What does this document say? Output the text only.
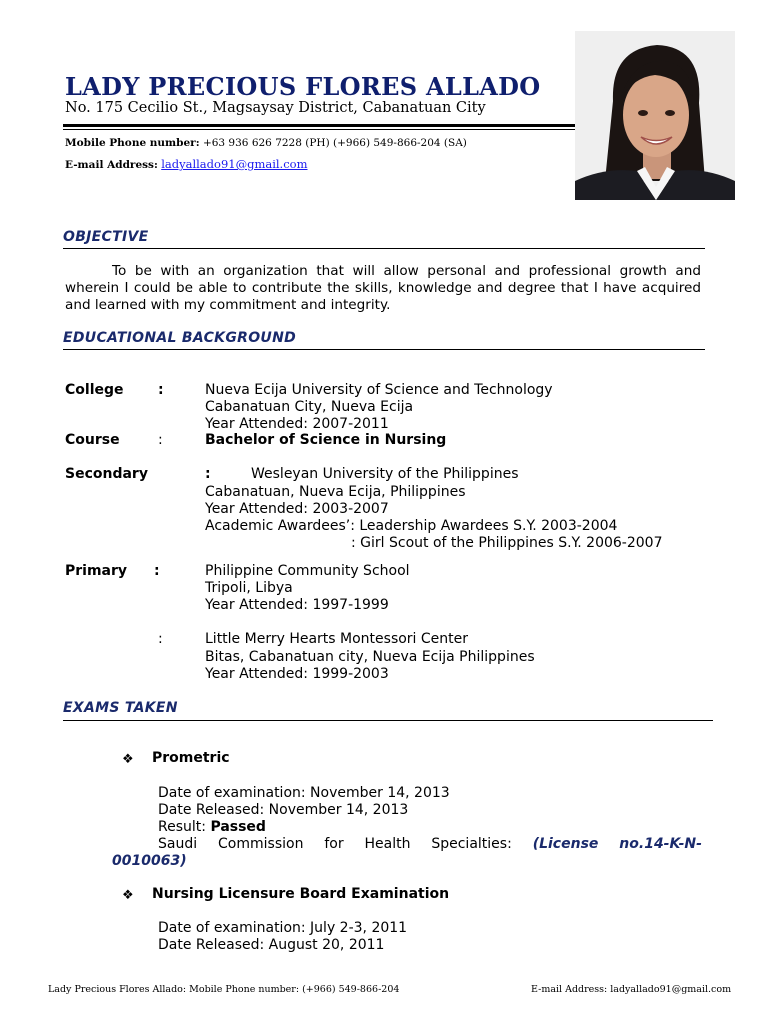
LADY PRECIOUS FLORES ALLADO
No. 175 Cecilio St., Magsaysay District, Cabanatuan City
Mobile Phone number: +63 936 626 7228 (PH) (+966) 549-866-204 (SA)
E-mail Address: ladyallado91@gmail.com
OBJECTIVE

To be with an organization that will allow personal and professional growth and wherein I could be able to contribute the skills, knowledge and degree that I have acquired and learned with my commitment and integrity.

EDUCATIONAL BACKGROUND
College :	Nueva Ecija University of Science and Technology
Cabanatuan City, Nueva Ecija
Year Attended: 2007-2011
Course	:	Bachelor of Science in Nursing
Secondary	:	Wesleyan University of the Philippines
Cabanatuan, Nueva Ecija, Philippines
Year Attended: 2003-2007
Academic Awardees’: Leadership Awardees S.Y. 2003-2004
: Girl Scout of the Philippines S.Y. 2006-2007
Primary :	Philippine Community School
Tripoli, Libya
Year Attended: 1997-1999
:	Little Merry Hearts Montessori Center
Bitas, Cabanatuan city, Nueva Ecija Philippines
Year Attended: 1999-2003
EXAMS TAKEN
❖ Prometric
Date of examination: November 14, 2013
Date Released: November 14, 2013
Result: Passed
Saudi Commission for Health Specialties: (License no.14-K-N-
0010063)
❖ Nursing Licensure Board Examination
Date of examination: July 2-3, 2011
Date Released: August 20, 2011
Lady Precious Flores Allado: Mobile Phone number: (+966) 549-866-204	E-mail Address: ladyallado91@gmail.com
